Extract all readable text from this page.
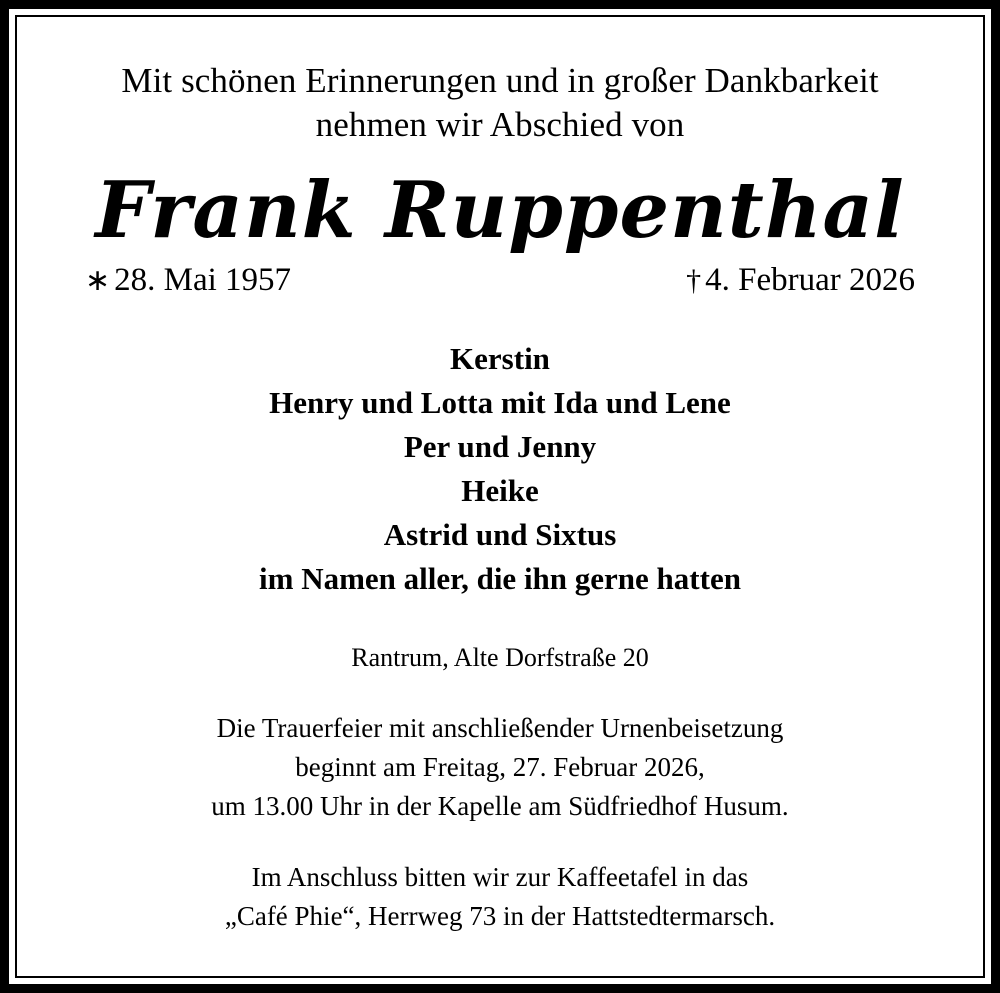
Mit schönen Erinnerungen und in großer Dankbarkeit
nehmen wir Abschied von
Frank Ruppenthal
∗ 28. Mai 1957	† 4. Februar 2026
Kerstin
Henry und Lotta mit Ida und Lene
Per und Jenny
Heike
Astrid und Sixtus
im Namen aller, die ihn gerne hatten
Rantrum, Alte Dorfstraße 20
Die Trauerfeier mit anschließender Urnenbeisetzung
beginnt am Freitag, 27. Februar 2026,
um 13.00 Uhr in der Kapelle am Südfriedhof Husum.
Im Anschluss bitten wir zur Kaffeetafel in das
„Café Phie“, Herrweg 73 in der Hattstedtermarsch.
